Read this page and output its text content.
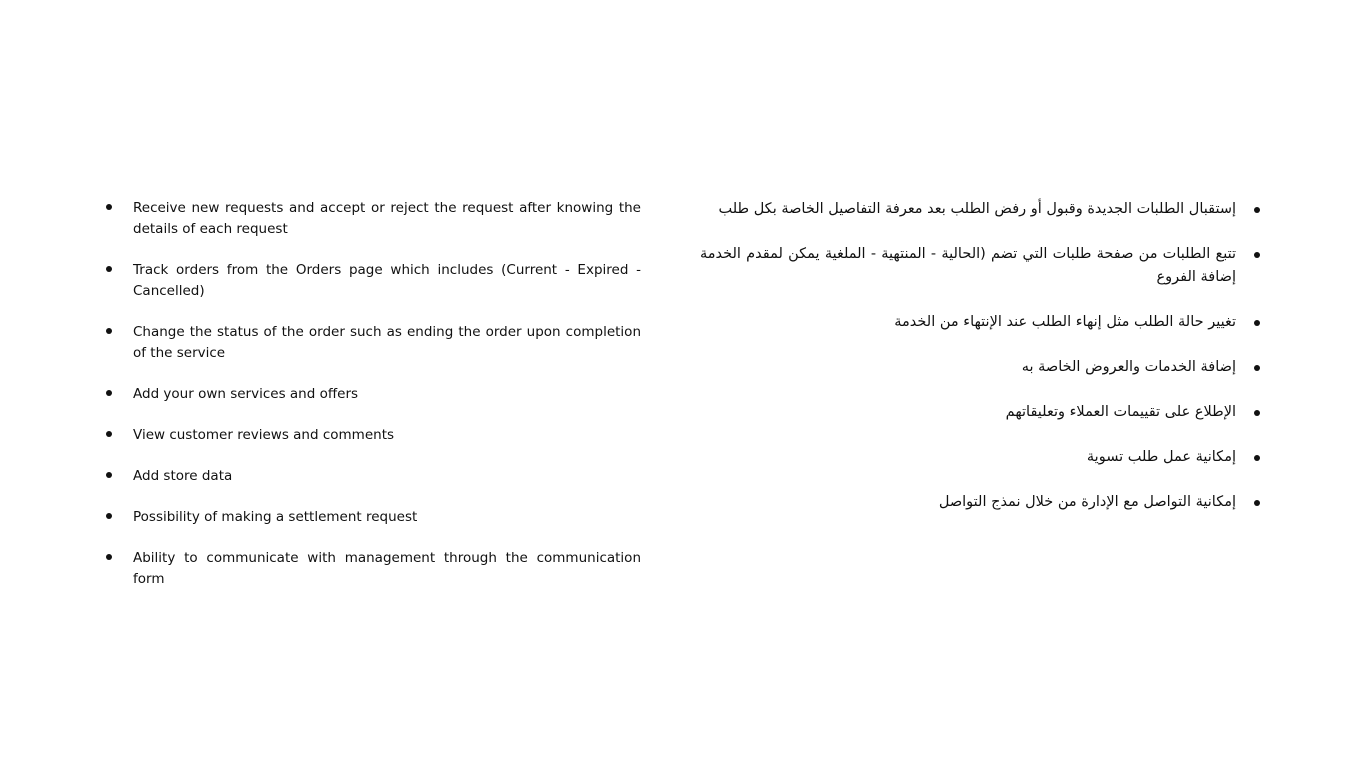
Receive new requests and accept or reject the request after knowing the details of each request
Track orders from the Orders page which includes (Current - Expired - Cancelled)
Change the status of the order such as ending the order upon completion of the service
Add your own services and offers
View customer reviews and comments
Add store data
Possibility of making a settlement request
Ability to communicate with management through the communication form
إستقبال الطلبات الجديدة وقبول أو رفض الطلب بعد معرفة التفاصيل الخاصة بكل طلب
تتبع الطلبات من صفحة طلبات التي تضم (الحالية - المنتهية - الملغية يمكن لمقدم الخدمة إضافة الفروع
تغيير حالة الطلب مثل إنهاء الطلب عند الإنتهاء من الخدمة
إضافة الخدمات والعروض الخاصة به
الإطلاع على تقييمات العملاء وتعليقاتهم
إمكانية عمل طلب تسوية
إمكانية التواصل مع الإدارة من خلال نمذج التواصل
